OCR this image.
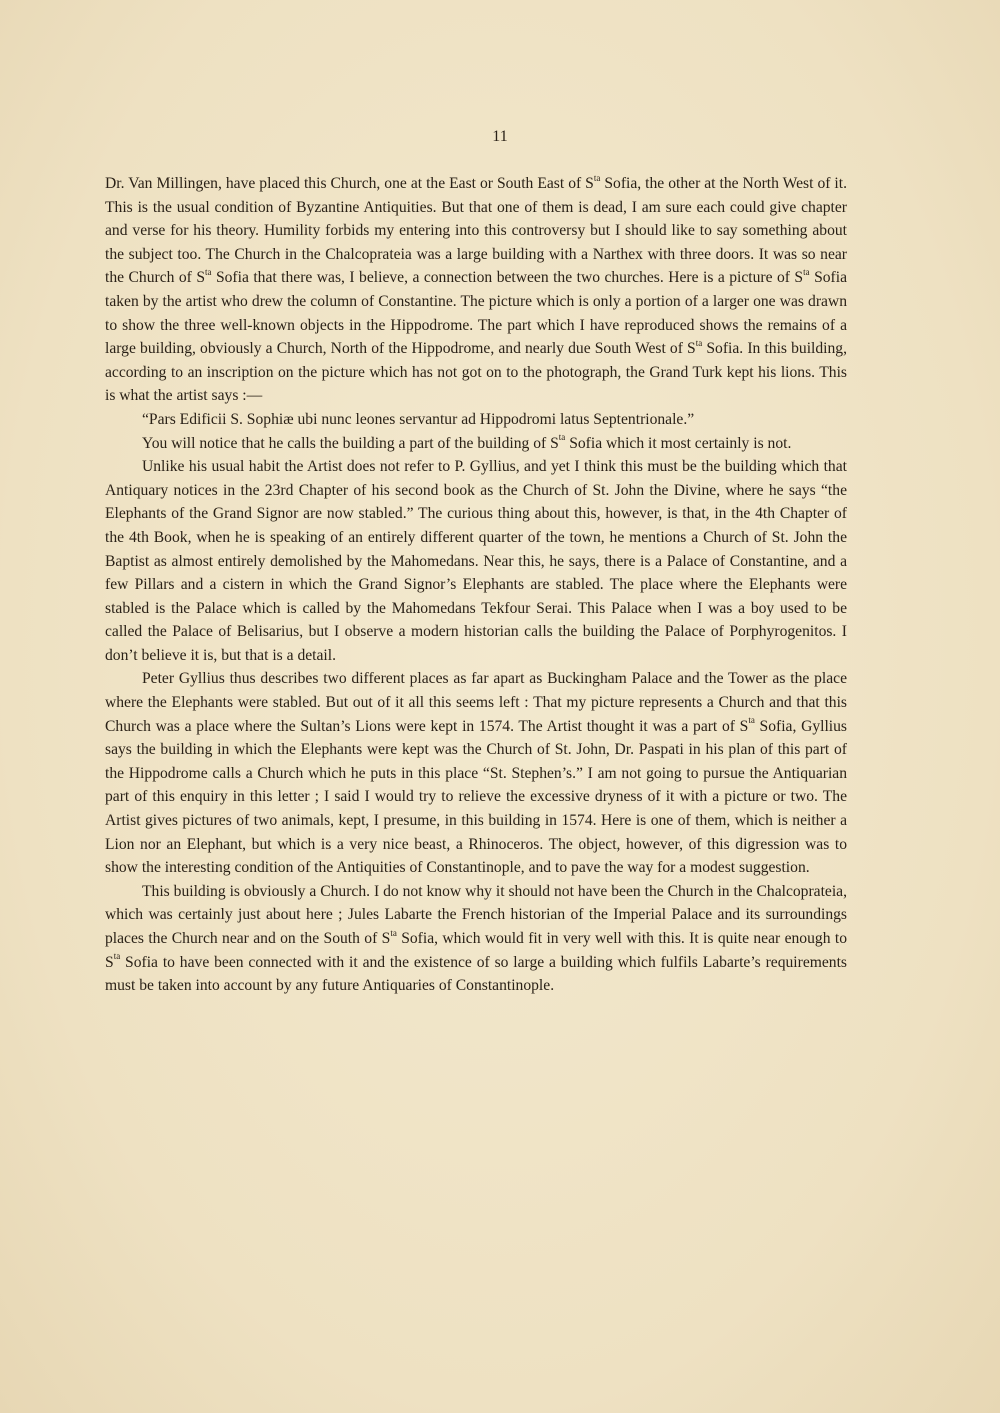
11

Dr. Van Millingen, have placed this Church, one at the East or South East of $S^{ta}$ Sofia, the other at the North West of it. This is the usual condition of Byzantine Antiquities. But that one of them is dead, I am sure each could give chapter and verse for his theory. Humility forbids my entering into this controversy but I should like to say something about the subject too. The Church in the Chalcoprateia was a large building with a Narthex with three doors. It was so near the Church of $S^{ta}$ Sofia that there was, I believe, a connection between the two churches. Here is a picture of $S^{ta}$ Sofia taken by the artist who drew the column of Constantine. The picture which is only a portion of a larger one was drawn to show the three well-known objects in the Hippodrome. The part which I have reproduced shows the remains of a large building, obviously a Church, North of the Hippodrome, and nearly due South West of $S^{ta}$ Sofia. In this building, according to an inscription on the picture which has not got on to the photograph, the Grand Turk kept his lions. This is what the artist says :—

“Pars Edificii S. Sophiæ ubi nunc leones servantur ad Hippodromi latus Septentrionale.”

You will notice that he calls the building a part of the building of $S^{ta}$ Sofia which it most certainly is not.

Unlike his usual habit the Artist does not refer to P. Gyllius, and yet I think this must be the building which that Antiquary notices in the 23rd Chapter of his second book as the Church of St. John the Divine, where he says “the Elephants of the Grand Signor are now stabled.” The curious thing about this, however, is that, in the 4th Chapter of the 4th Book, when he is speaking of an entirely different quarter of the town, he mentions a Church of St. John the Baptist as almost entirely demolished by the Mahomedans. Near this, he says, there is a Palace of Constantine, and a few Pillars and a cistern in which the Grand Signor’s Elephants are stabled. The place where the Elephants were stabled is the Palace which is called by the Mahomedans Tekfour Serai. This Palace when I was a boy used to be called the Palace of Belisarius, but I observe a modern historian calls the building the Palace of Porphyrogenitos. I don’t believe it is, but that is a detail.

Peter Gyllius thus describes two different places as far apart as Buckingham Palace and the Tower as the place where the Elephants were stabled. But out of it all this seems left : That my picture represents a Church and that this Church was a place where the Sultan’s Lions were kept in 1574. The Artist thought it was a part of $S^{ta}$ Sofia, Gyllius says the building in which the Elephants were kept was the Church of St. John, Dr. Paspati in his plan of this part of the Hippodrome calls a Church which he puts in this place “St. Stephen’s.” I am not going to pursue the Antiquarian part of this enquiry in this letter ; I said I would try to relieve the excessive dryness of it with a picture or two. The Artist gives pictures of two animals, kept, I presume, in this building in 1574. Here is one of them, which is neither a Lion nor an Elephant, but which is a very nice beast, a Rhinoceros. The object, however, of this digression was to show the interesting condition of the Antiquities of Constantinople, and to pave the way for a modest suggestion.

This building is obviously a Church. I do not know why it should not have been the Church in the Chalcoprateia, which was certainly just about here ; Jules Labarte the French historian of the Imperial Palace and its surroundings places the Church near and on the South of $S^{ta}$ Sofia, which would fit in very well with this. It is quite near enough to $S^{ta}$ Sofia to have been connected with it and the existence of so large a building which fulfils Labarte’s requirements must be taken into account by any future Antiquaries of Constantinople.
